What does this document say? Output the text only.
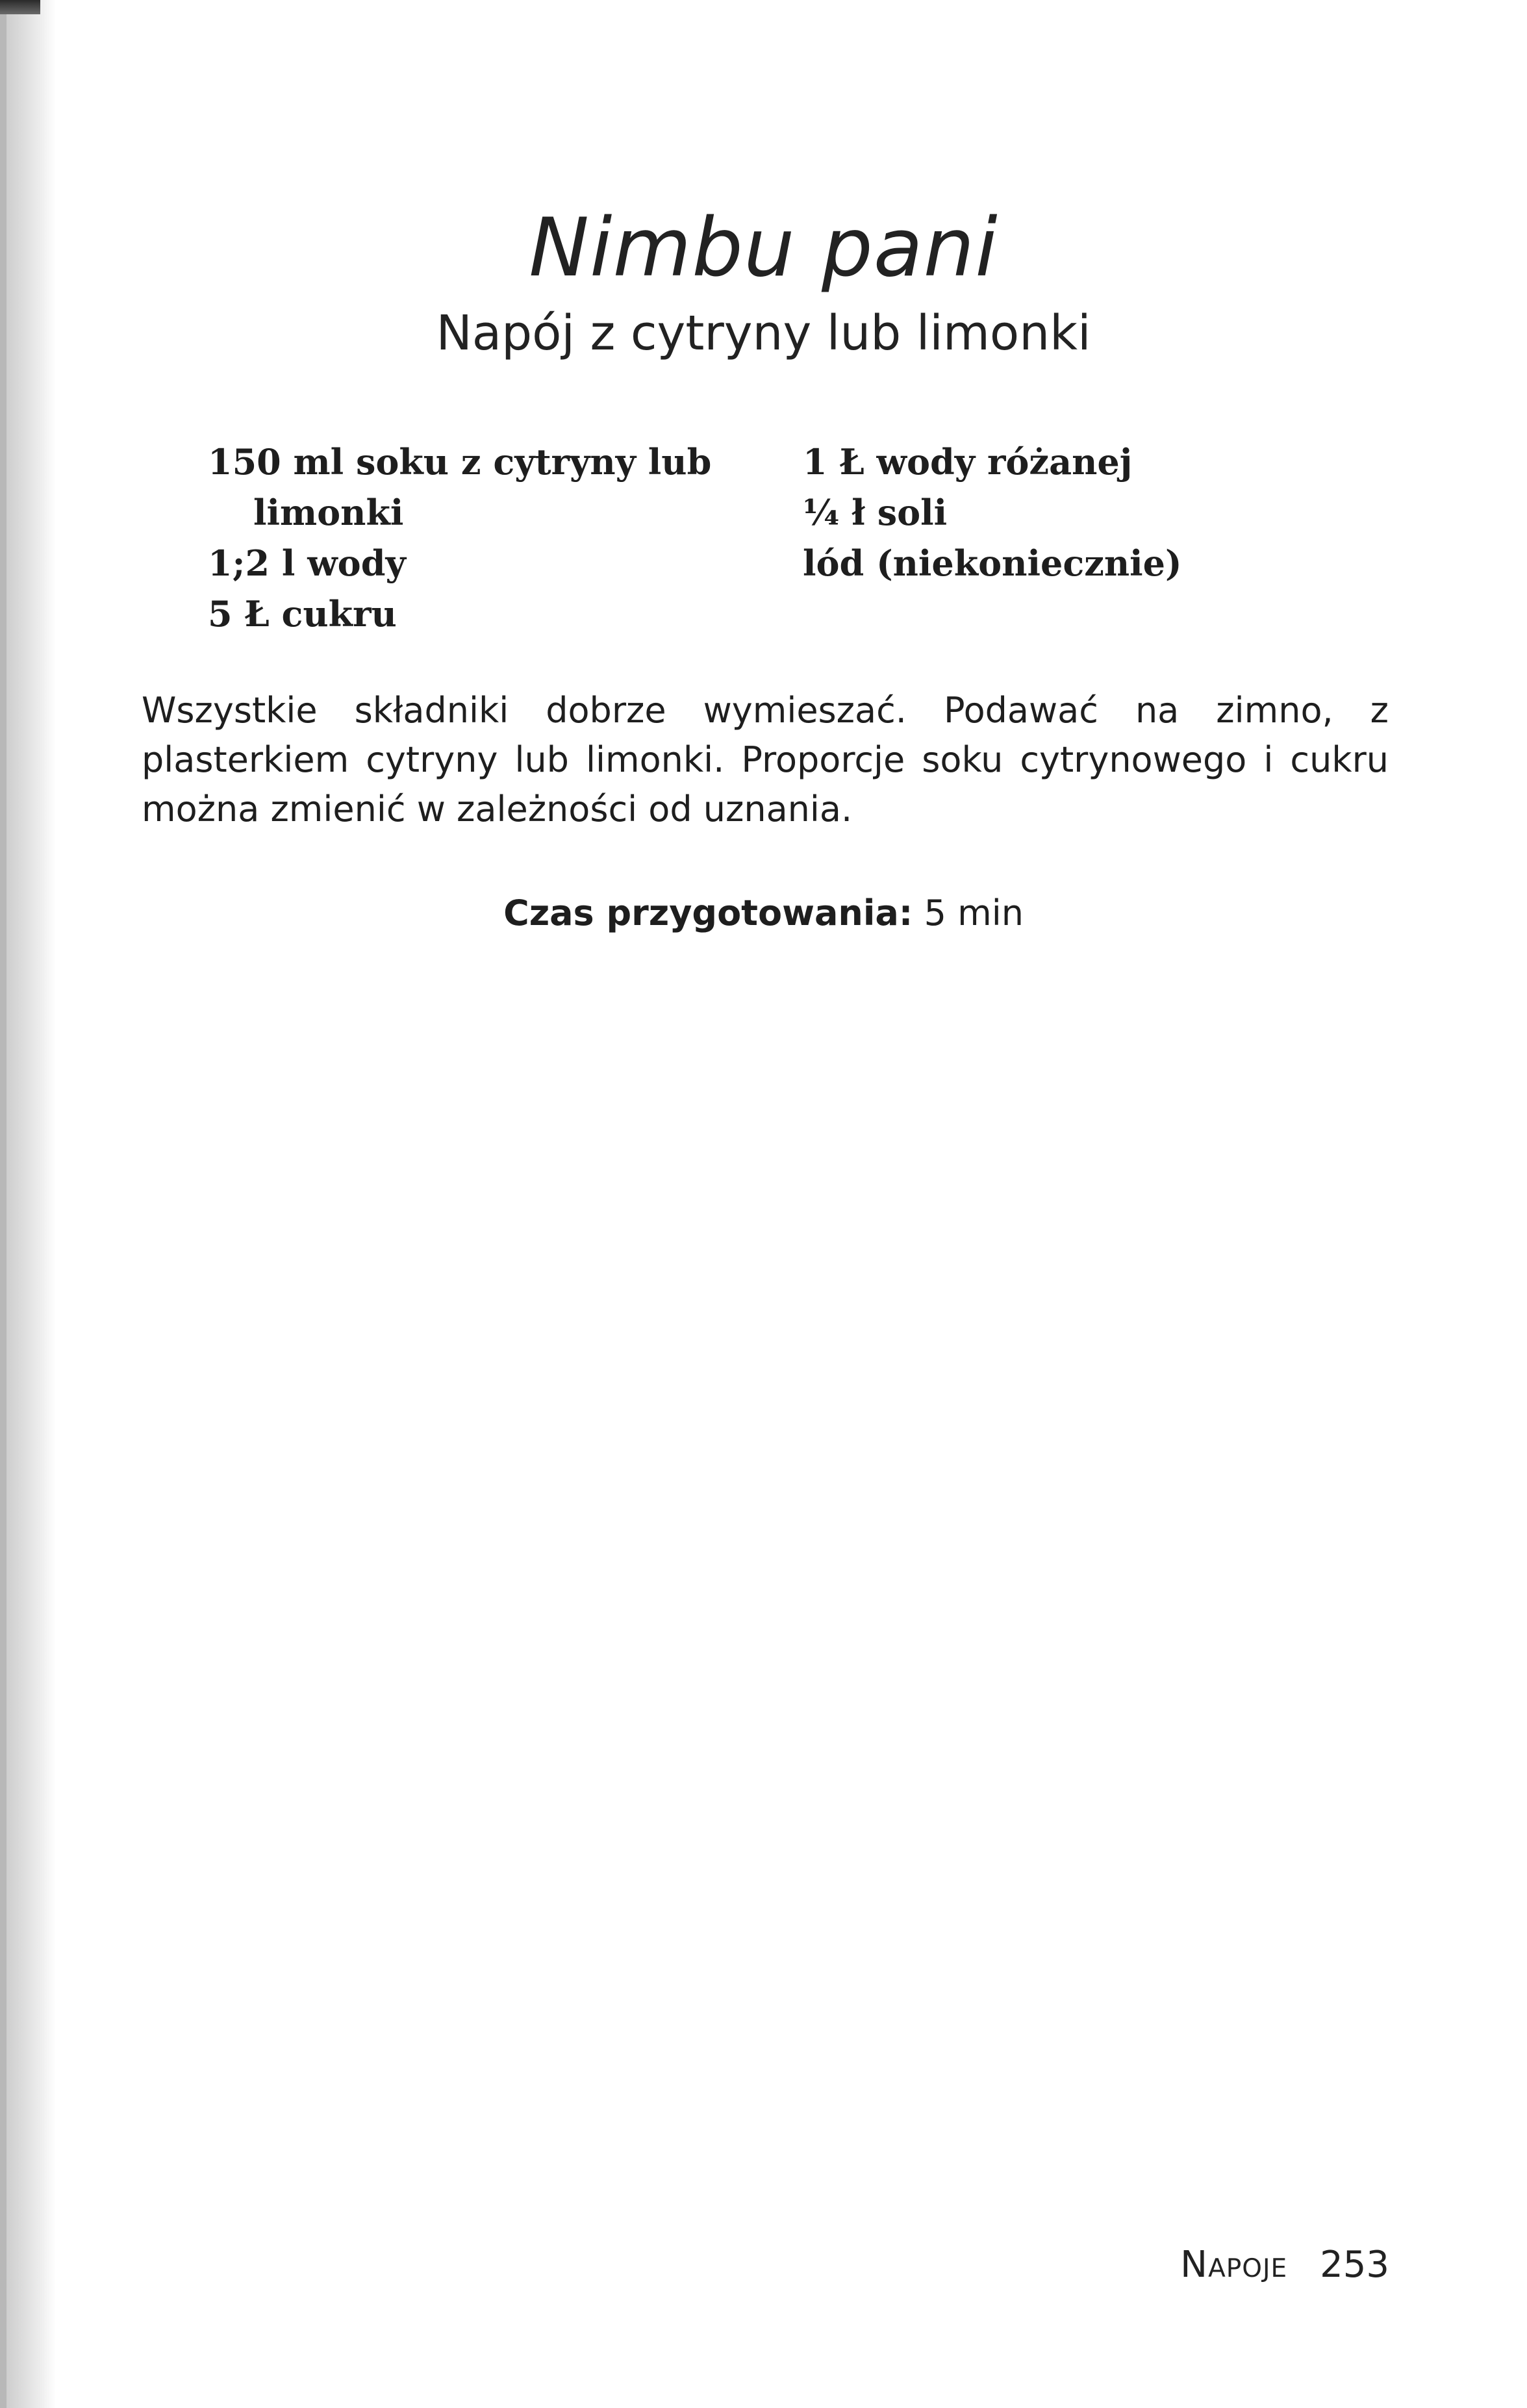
Nimbu pani
Napój z cytryny lub limonki
150 ml soku z cytryny lub
limonki
1;2 l wody
5 Ł cukru
1 Ł wody różanej
¼ ł soli
lód (niekoniecznie)
Wszystkie składniki dobrze wymieszać. Podawać na zimno, z plasterkiem cytryny lub limonki. Proporcje soku cytrynowego i cukru można zmienić w zależności od uznania.
Czas przygotowania: 5 min
Napoje 253
